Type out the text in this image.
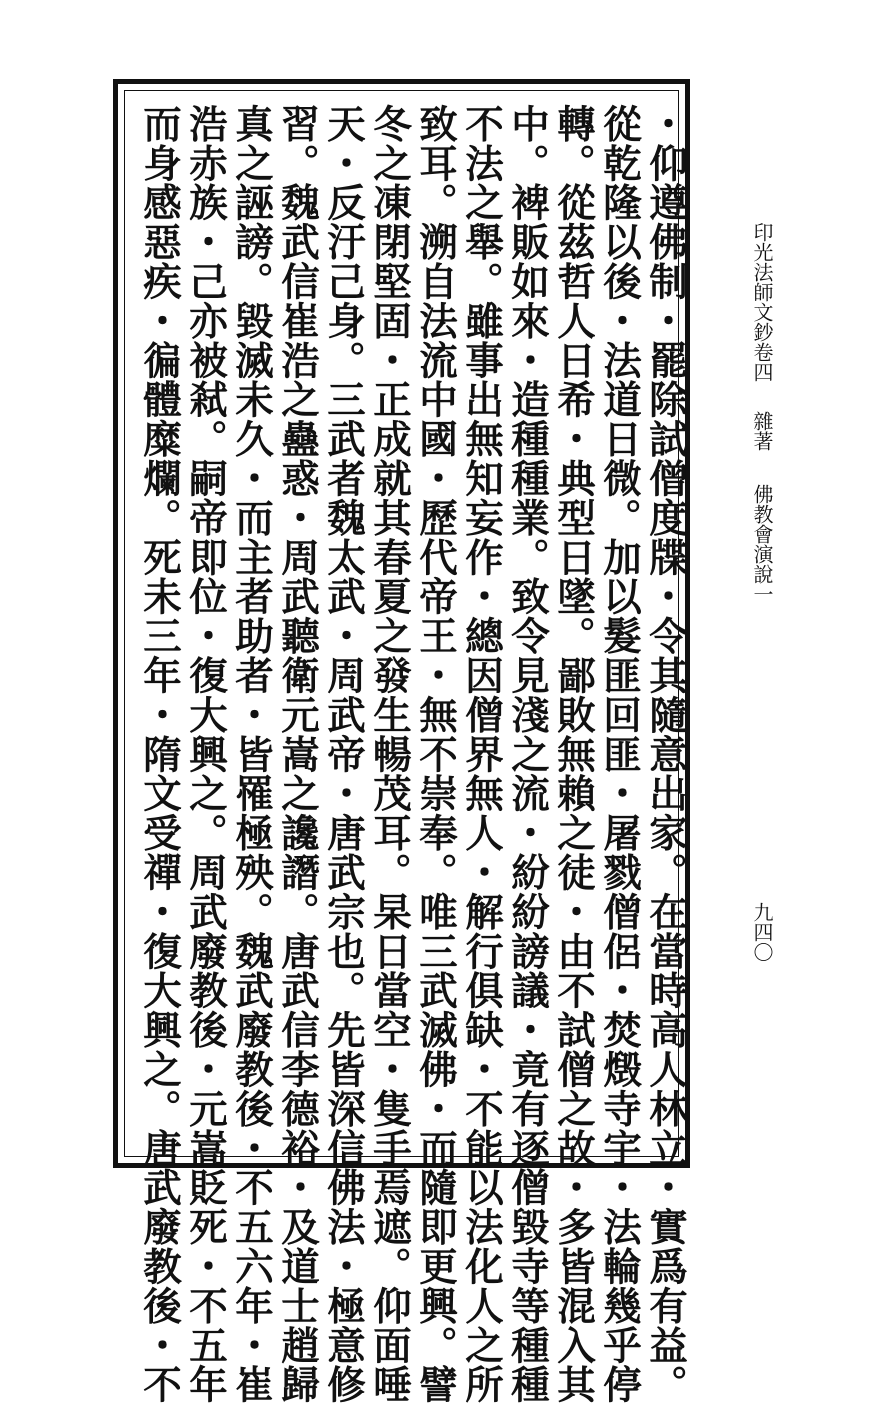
・仰遵佛制・罷除試僧度牒・令其隨意出家。在當時高人林立・實爲有益。
從乾隆以後・法道日微。加以髮匪回匪・屠戮僧侶・焚燬寺宇・法輪幾乎停
轉。從茲哲人日希・典型日墜。鄙敗無賴之徒・由不試僧之故・多皆混入其
中。裨販如來・造種種業。致令見淺之流・紛紛謗議・竟有逐僧毀寺等種種
不法之舉。雖事出無知妄作・總因僧界無人・解行俱缺・不能以法化人之所
致耳。溯自法流中國・歷代帝王・無不崇奉。唯三武滅佛・而隨即更興。譬
冬之凍閉堅固・正成就其春夏之發生暢茂耳。杲日當空・隻手焉遮。仰面唾
天・反汙己身。三武者魏太武・周武帝・唐武宗也。先皆深信佛法・極意修
習。魏武信崔浩之蠱惑・周武聽衛元嵩之讒譖。唐武信李德裕・及道士趙歸
真之誣謗。毀滅未久・而主者助者・皆罹極殃。魏武廢教後・不五六年・崔
浩赤族・己亦被弒。嗣帝即位・復大興之。周武廢教後・元嵩貶死・不五年
而身感惡疾・徧體糜爛。死未三年・隋文受禪・復大興之。唐武廢教後・不	印光法師文鈔卷四
雜著
佛教會演說一
九四〇
